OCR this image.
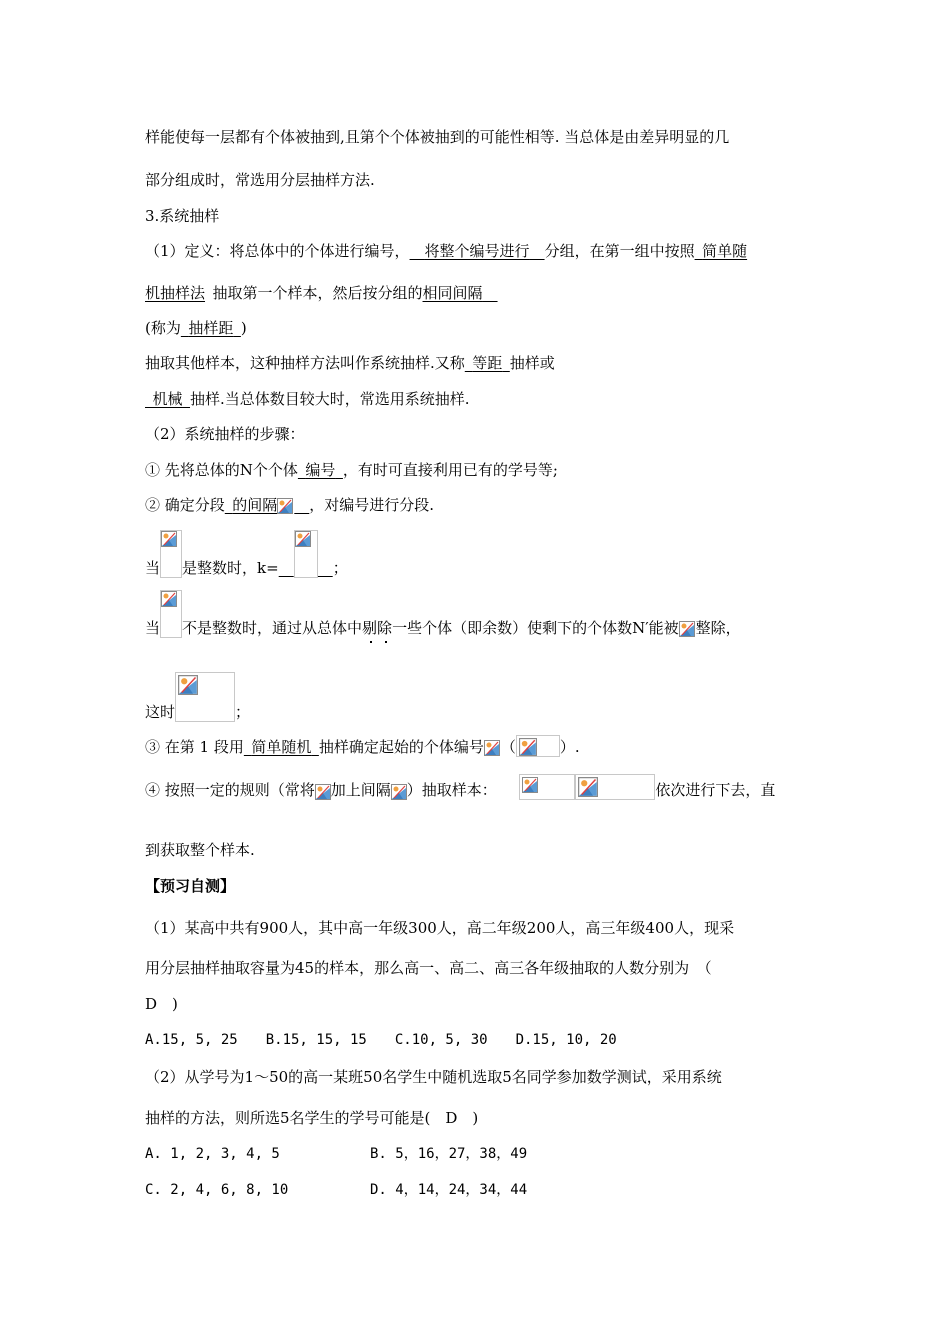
样能使每一层都有个体被抽到,且第个个体被抽到的可能性相等. 当总体是由差异明显的几
部分组成时，常选用分层抽样方法.
3.系统抽样
（1）定义：将总体中的个体进行编号，  将整个编号进行  分组，在第一组中按照  简单随
机抽样法  抽取第一个样本，然后按分组的相同间隔 
(称为  抽样距  )
抽取其他样本，这种抽样方法叫作系统抽样.又称  等距  抽样或
 机械  抽样.当总体数目较大时，常选用系统抽样.
（2）系统抽样的步骤：
① 先将总体的N个个体  编号  ，有时可直接利用已有的学号等;
② 确定分段  的间隔
  ，对编号进行分段.
当 是整数时，k=  
  	；
当 不是整数时，通过从总体中剔除一些个体（即余数）使剩下的个体数N′能被 整除，
这时	；
③ 在第 1 段用  简单随机  抽样确定起始的个体编号 （	）.
④ 按照一定的规则（常将 加上间隔 ）抽取样本：  	依次进行下去，直
到获取整个样本.
【预习自测】
（1）某高中共有900人，其中高一年级300人，高二年级200人，高三年级400人，现采
用分层抽样抽取容量为45的样本，那么高一、高二、高三各年级抽取的人数分别为　（
D　)
A.15, 5, 25　　B.15, 15, 15　　C.10, 5, 30　　D.15, 10, 20
（2）从学号为1～50的高一某班50名学生中随机选取5名同学参加数学测试，采用系统
抽样的方法，则所选5名学生的学号可能是(　D　)
A. 1, 2, 3, 4, 5	B. 5，16，27，38，49
C. 2, 4, 6, 8, 10	D. 4，14，24，34，44
